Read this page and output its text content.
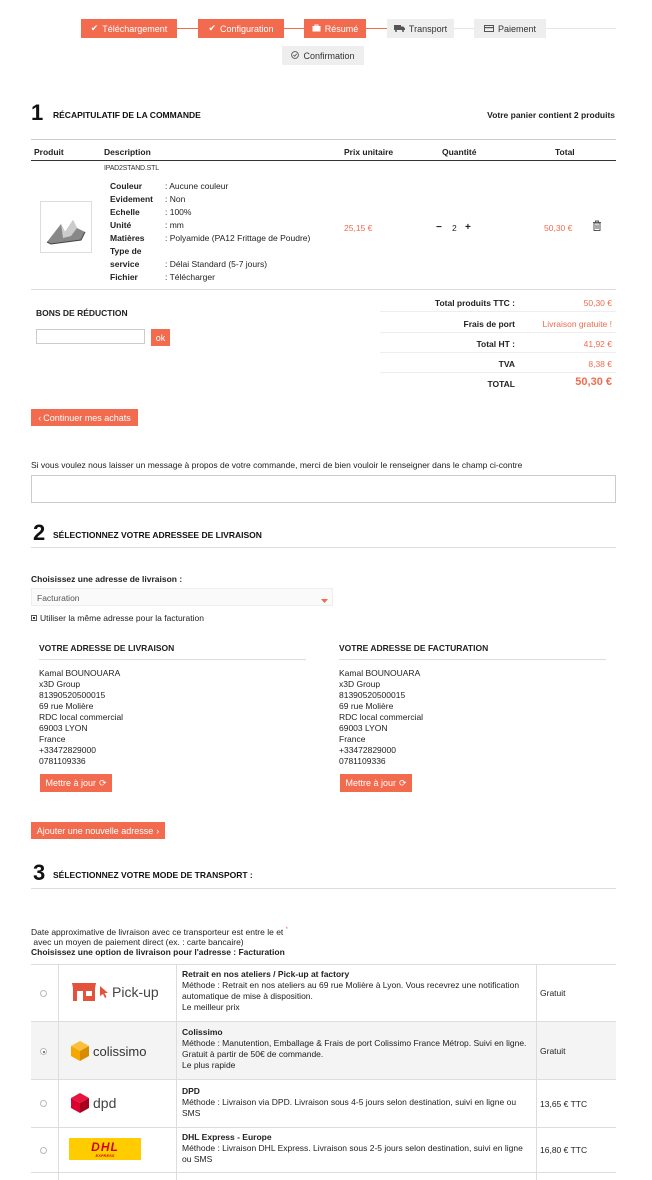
✔ Téléchargement	✔ Configuration	Résumé	Transport	Paiement
Confirmation
1 RÉCAPITULATIF DE LA COMMANDE	Votre panier contient 2 produits
Produit	Description	Prix unitaire	Quantité	Total
IPAD2STAND.STL
Couleur	: Aucune couleur
Evidement	: Non
Echelle	: 100%
Unité	: mm
Matières	: Polyamide (PA12 Frittage de Poudre)
Type de
service	: Délai Standard (5-7 jours)
Fichier	: Télécharger
25,15 €	− 2 +	50,30 €
BONS DE RÉDUCTION
ok
Total produits TTC :	50,30 €
Frais de port	Livraison gratuite !
Total HT :	41,92 €
TVA	8,38 €
TOTAL	50,30 €
‹ Continuer mes achats
Si vous voulez nous laisser un message à propos de votre commande, merci de bien vouloir le renseigner dans le champ ci-contre
2 SÉLECTIONNEZ VOTRE ADRESSEE DE LIVRAISON
Choisissez une adresse de livraison :
Facturation
Utiliser la même adresse pour la facturation
VOTRE ADRESSE DE LIVRAISON
Kamal BOUNOUARA
x3D Group
81390520500015
69 rue Molière
RDC local commercial
69003 LYON
France
+33472829000
0781109336
Mettre à jour ⟳
VOTRE ADRESSE DE FACTURATION
Kamal BOUNOUARA
x3D Group
81390520500015
69 rue Molière
RDC local commercial
69003 LYON
France
+33472829000
0781109336
Mettre à jour ⟳
Ajouter une nouvelle adresse ›
3 SÉLECTIONNEZ VOTRE MODE DE TRANSPORT :
Date approximative de livraison avec ce transporteur est entre le et *
avec un moyen de paiement direct (ex. : carte bancaire)
Choisissez une option de livraison pour l'adresse : Facturation
Pick-up
Retrait en nos ateliers / Pick-up at factory
Méthode : Retrait en nos ateliers au 69 rue Molière à Lyon. Vous recevrez une notification automatique de mise à disposition.
Le meilleur prix
Gratuit
colissimo
Colissimo
Méthode : Manutention, Emballage & Frais de port Colissimo France Métrop. Suivi en ligne. Gratuit à partir de 50€ de commande.
Le plus rapide
Gratuit
dpd
DPD
Méthode : Livraison via DPD. Livraison sous 4-5 jours selon destination, suivi en ligne ou SMS
13,65 € TTC
DHL
EXPRESS
DHL Express - Europe
Méthode : Livraison DHL Express. Livraison sous 2-5 jours selon destination, suivi en ligne ou SMS
16,80 € TTC
